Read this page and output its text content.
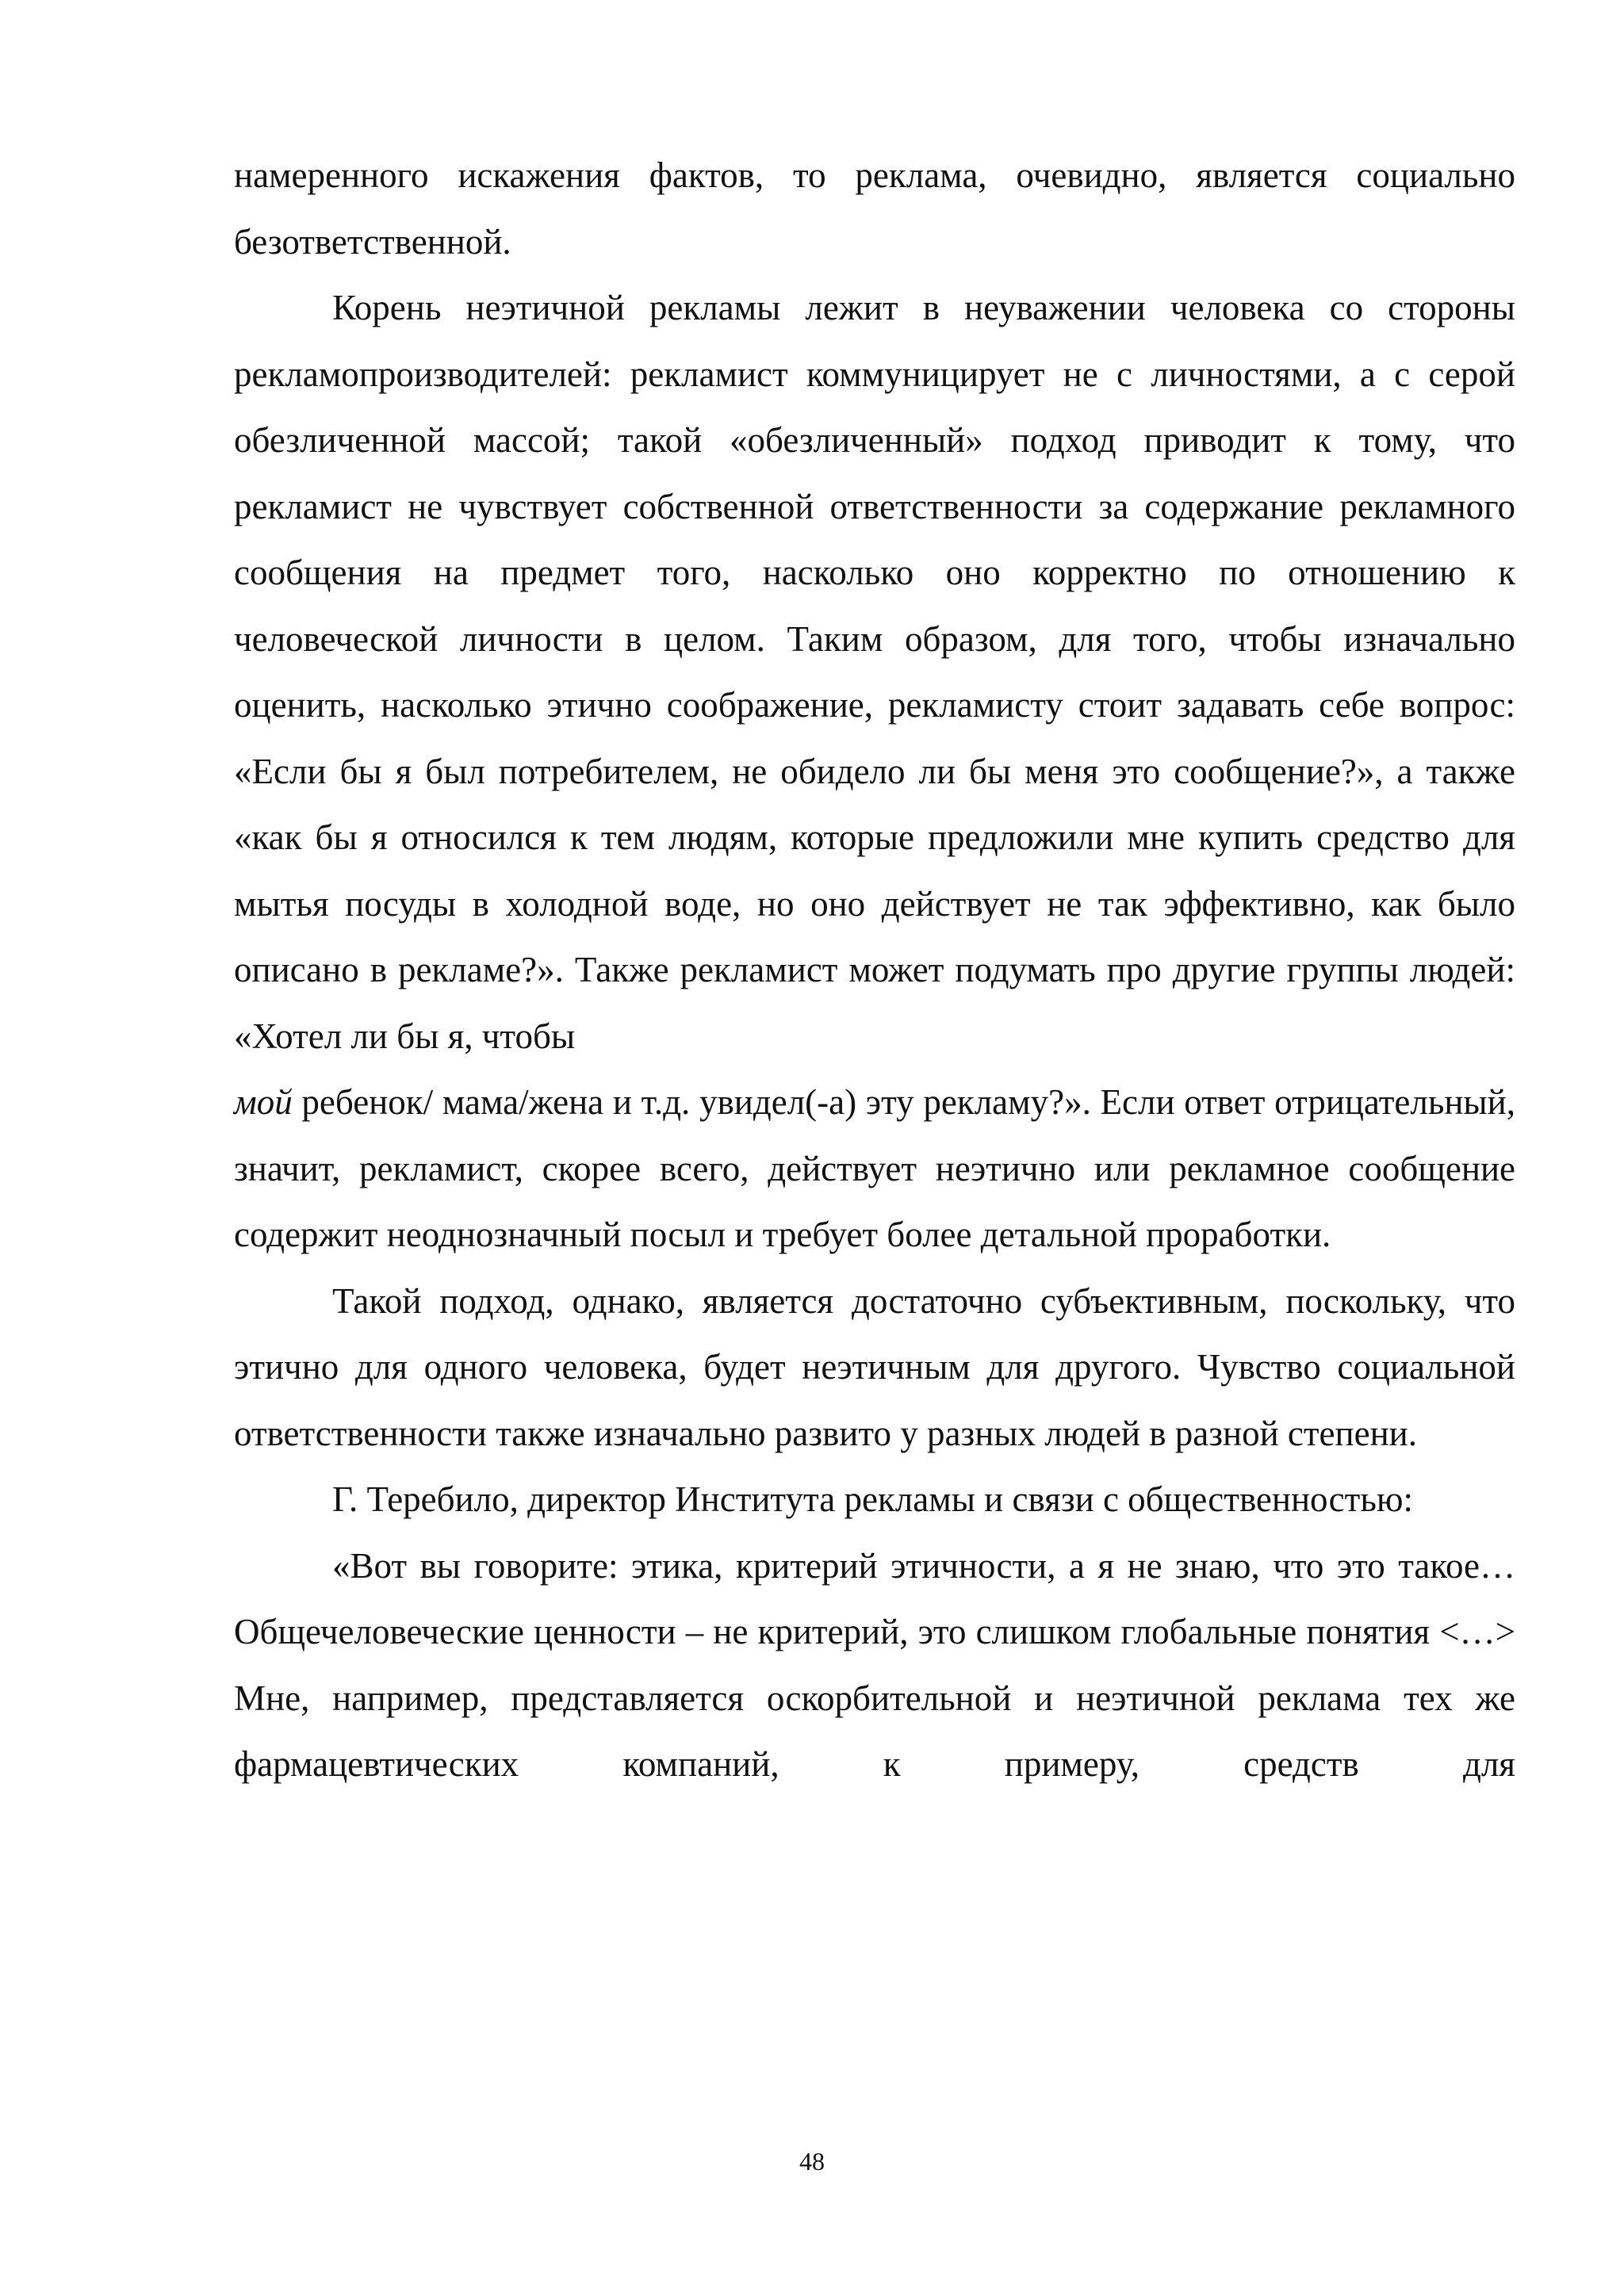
намеренного искажения фактов, то реклама, очевидно, является социально безответственной.

Корень неэтичной рекламы лежит в неуважении человека со стороны рекламопроизводителей: рекламист коммуницирует не с личностями, а с серой обезличенной массой; такой «обезличенный» подход приводит к тому, что рекламист не чувствует собственной ответственности за содержание рекламного сообщения на предмет того, насколько оно корректно по отношению к человеческой личности в целом. Таким образом, для того, чтобы изначально оценить, насколько этично соображение, рекламисту стоит задавать себе вопрос: «Если бы я был потребителем, не обидело ли бы меня это сообщение?», а также «как бы я относился к тем людям, которые предложили мне купить средство для мытья посуды в холодной воде, но оно действует не так эффективно, как было описано в рекламе?». Также рекламист может подумать про другие группы людей: «Хотел ли бы я, чтобы
мой ребенок/ мама/жена и т.д. увидел(-а) эту рекламу?». Если ответ отрицательный, значит, рекламист, скорее всего, действует неэтично или рекламное сообщение содержит неоднозначный посыл и требует более детальной проработки.

Такой подход, однако, является достаточно субъективным, поскольку, что этично для одного человека, будет неэтичным для другого. Чувство социальной ответственности также изначально развито у разных людей в разной степени.

Г. Теребило, директор Института рекламы и связи с общественностью:

«Вот вы говорите: этика, критерий этичности, а я не знаю, что это такое… Общечеловеческие ценности – не критерий, это слишком глобальные понятия <…> Мне, например, представляется оскорбительной и неэтичной реклама тех же фармацевтических компаний, к примеру, средств для

48
